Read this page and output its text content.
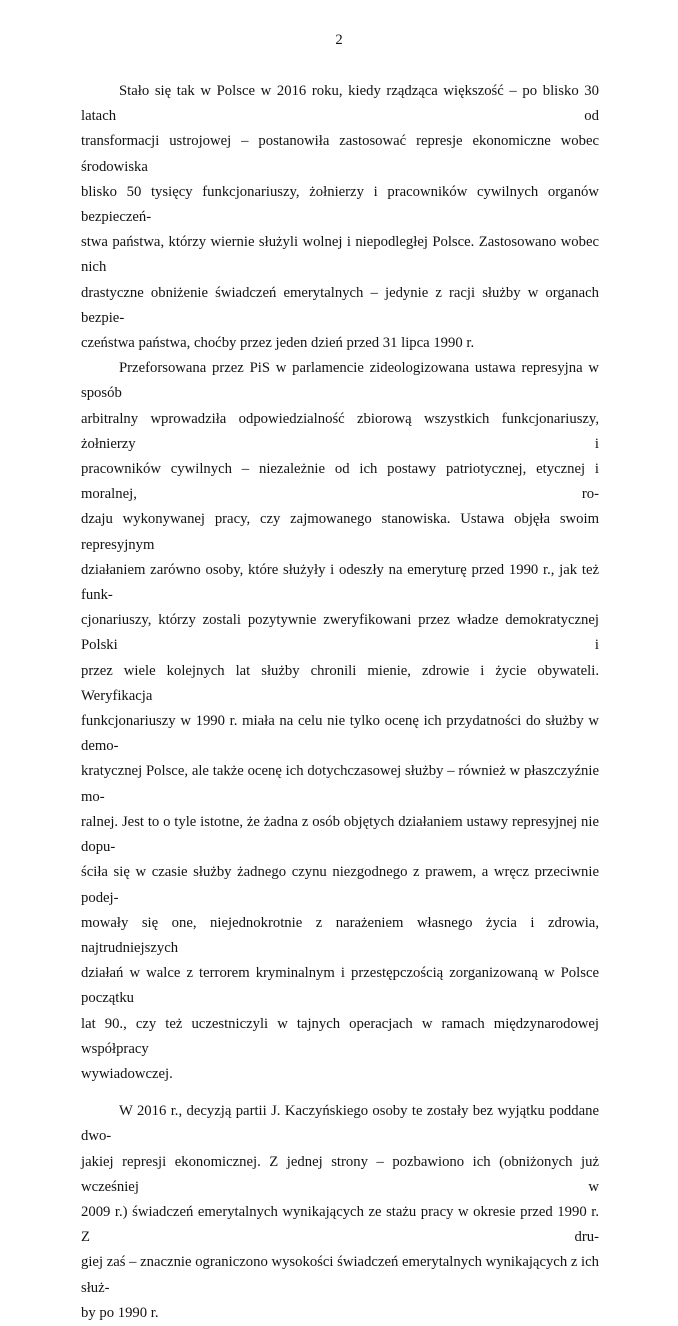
2
Stało się tak w Polsce w 2016 roku, kiedy rządząca większość – po blisko 30 latach od
transformacji ustrojowej – postanowiła zastosować represje ekonomiczne wobec środowiska
blisko 50 tysięcy funkcjonariuszy, żołnierzy i pracowników cywilnych organów bezpieczeń-
stwa państwa, którzy wiernie służyli wolnej i niepodległej Polsce. Zastosowano wobec nich
drastyczne obniżenie świadczeń emerytalnych – jedynie z racji służby w organach bezpie-
czeństwa państwa, choćby przez jeden dzień przed 31 lipca 1990 r.
Przeforsowana przez PiS w parlamencie zideologizowana ustawa represyjna w sposób
arbitralny wprowadziła odpowiedzialność zbiorową wszystkich funkcjonariuszy, żołnierzy i
pracowników cywilnych – niezależnie od ich postawy patriotycznej, etycznej i moralnej, ro-
dzaju wykonywanej pracy, czy zajmowanego stanowiska. Ustawa objęła swoim represyjnym
działaniem zarówno osoby, które służyły i odeszły na emeryturę przed 1990 r., jak też funk-
cjonariuszy, którzy zostali pozytywnie zweryfikowani przez władze demokratycznej Polski i
przez wiele kolejnych lat służby chronili mienie, zdrowie i życie obywateli. Weryfikacja
funkcjonariuszy w 1990 r. miała na celu nie tylko ocenę ich przydatności do służby w demo-
kratycznej Polsce, ale także ocenę ich dotychczasowej służby – również w płaszczyźnie mo-
ralnej. Jest to o tyle istotne, że żadna z osób objętych działaniem ustawy represyjnej nie dopu-
ściła się w czasie służby żadnego czynu niezgodnego z prawem, a wręcz przeciwnie podej-
mowały się one, niejednokrotnie z narażeniem własnego życia i zdrowia, najtrudniejszych
działań w walce z terrorem kryminalnym i przestępczością zorganizowaną w Polsce początku
lat 90., czy też uczestniczyli w tajnych operacjach w ramach międzynarodowej współpracy
wywiadowczej.
W 2016 r., decyzją partii J. Kaczyńskiego osoby te zostały bez wyjątku poddane dwo-
jakiej represji ekonomicznej. Z jednej strony – pozbawiono ich (obniżonych już wcześniej w
2009 r.) świadczeń emerytalnych wynikających ze stażu pracy w okresie przed 1990 r. Z dru-
giej zaś – znacznie ograniczono wysokości świadczeń emerytalnych wynikających z ich służ-
by po 1990 r.
